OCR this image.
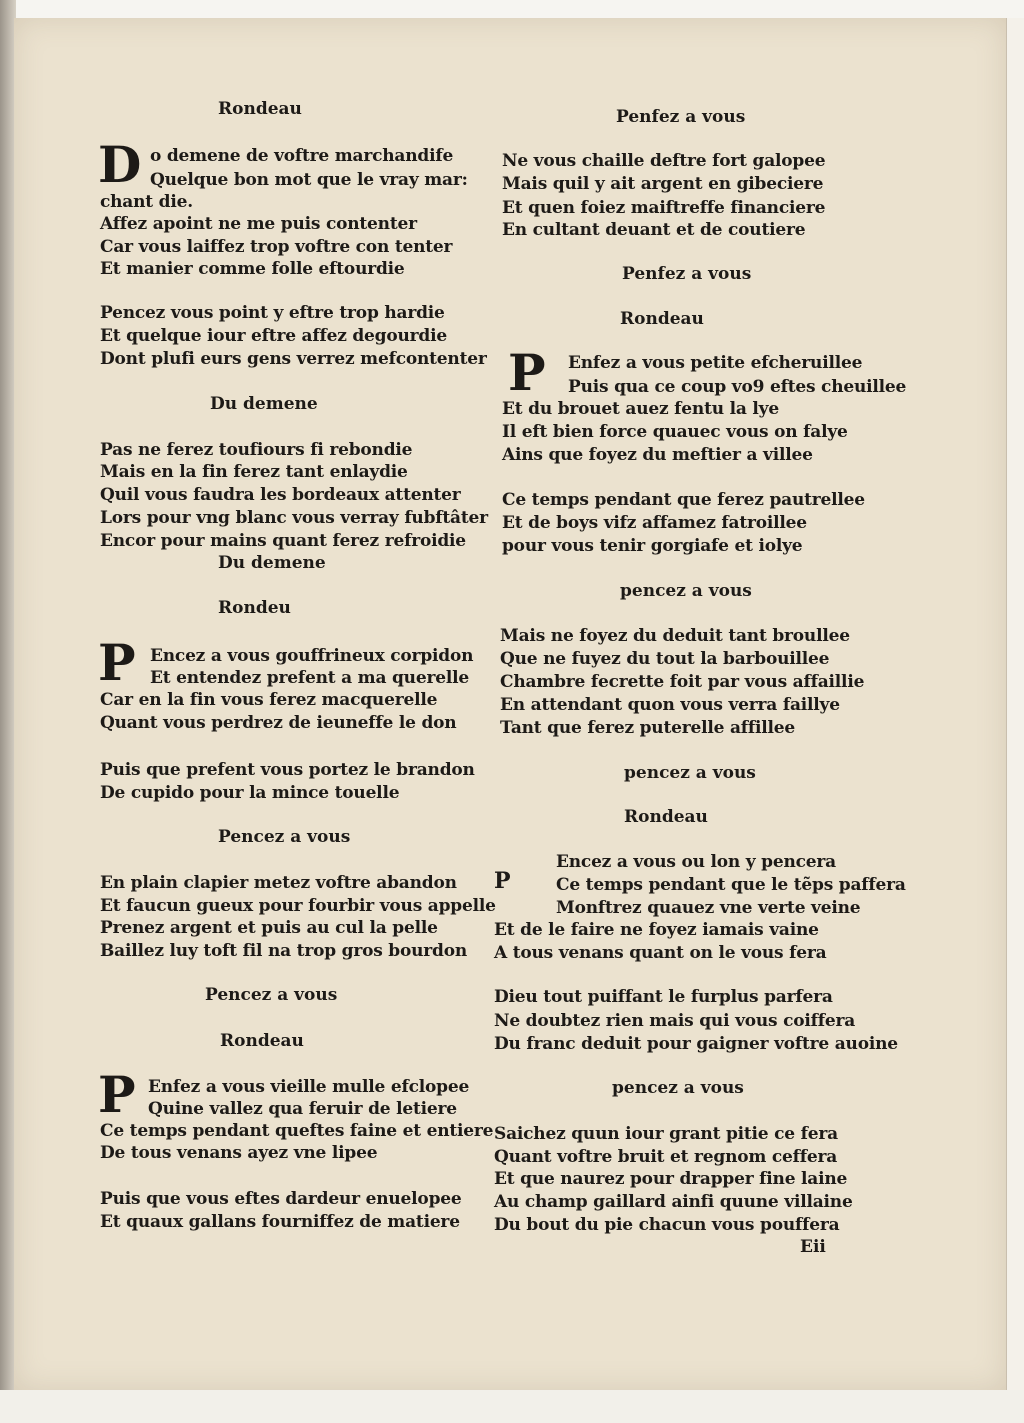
Rondeau
D o demene de voftre marchandife
Quelque bon mot que le vray mar:
chant die.
Affez apoint ne me puis contenter
Car vous laiffez trop voftre con tenter
Et manier comme folle eftourdie
Pencez vous point y eftre trop hardie
Et quelque iour eftre affez degourdie
Dont plufi eurs gens verrez mefcontenter
Du demene
Pas ne ferez toufiours fi rebondie
Mais en la fin ferez tant enlaydie
Quil vous faudra les bordeaux attenter
Lors pour vng blanc vous verray fubftâter
Encor pour mains quant ferez refroidie
Du demene
Rondeu
P Encez a vous gouffrineux corpidon
Et entendez prefent a ma querelle
Car en la fin vous ferez macquerelle
Quant vous perdrez de ieuneffe le don
Puis que prefent vous portez le brandon
De cupido pour la mince touelle
Pencez a vous
En plain clapier metez voftre abandon
Et faucun gueux pour fourbir vous appelle
Prenez argent et puis au cul la pelle
Baillez luy toft fil na trop gros bourdon
Pencez a vous
Rondeau
P Enfez a vous vieille mulle efclopee
Quine vallez qua feruir de letiere
Ce temps pendant queftes faine et entiere
De tous venans ayez vne lipee
Puis que vous eftes dardeur enuelopee
Et quaux gallans fourniffez de matiere
Penfez a vous
Ne vous chaille deftre fort galopee
Mais quil y ait argent en gibeciere
Et quen foiez maiftreffe financiere
En cultant deuant et de coutiere
Penfez a vous
Rondeau
P Enfez a vous petite efcheruillee
Puis qua ce coup vo9 eftes cheuillee
Et du brouet auez fentu la lye
Il eft bien force quauec vous on falye
Ains que foyez du meftier a villee
Ce temps pendant que ferez pautrellee
Et de boys vifz affamez fatroillee
pour vous tenir gorgiafe et iolye
pencez a vous
Mais ne foyez du deduit tant broullee
Que ne fuyez du tout la barbouillee
Chambre fecrette foit par vous affaillie
En attendant quon vous verra faillye
Tant que ferez puterelle affillee
pencez a vous
Rondeau
P
Encez a vous ou lon y pencera
Ce temps pendant que le tẽps paffera
Monftrez quauez vne verte veine
Et de le faire ne foyez iamais vaine
A tous venans quant on le vous fera
Dieu tout puiffant le furplus parfera
Ne doubtez rien mais qui vous coiffera
Du franc deduit pour gaigner voftre auoine
pencez a vous
Saichez quun iour grant pitie ce fera
Quant voftre bruit et regnom ceffera
Et que naurez pour drapper fine laine
Au champ gaillard ainfi quune villaine
Du bout du pie chacun vous pouffera
Eii
